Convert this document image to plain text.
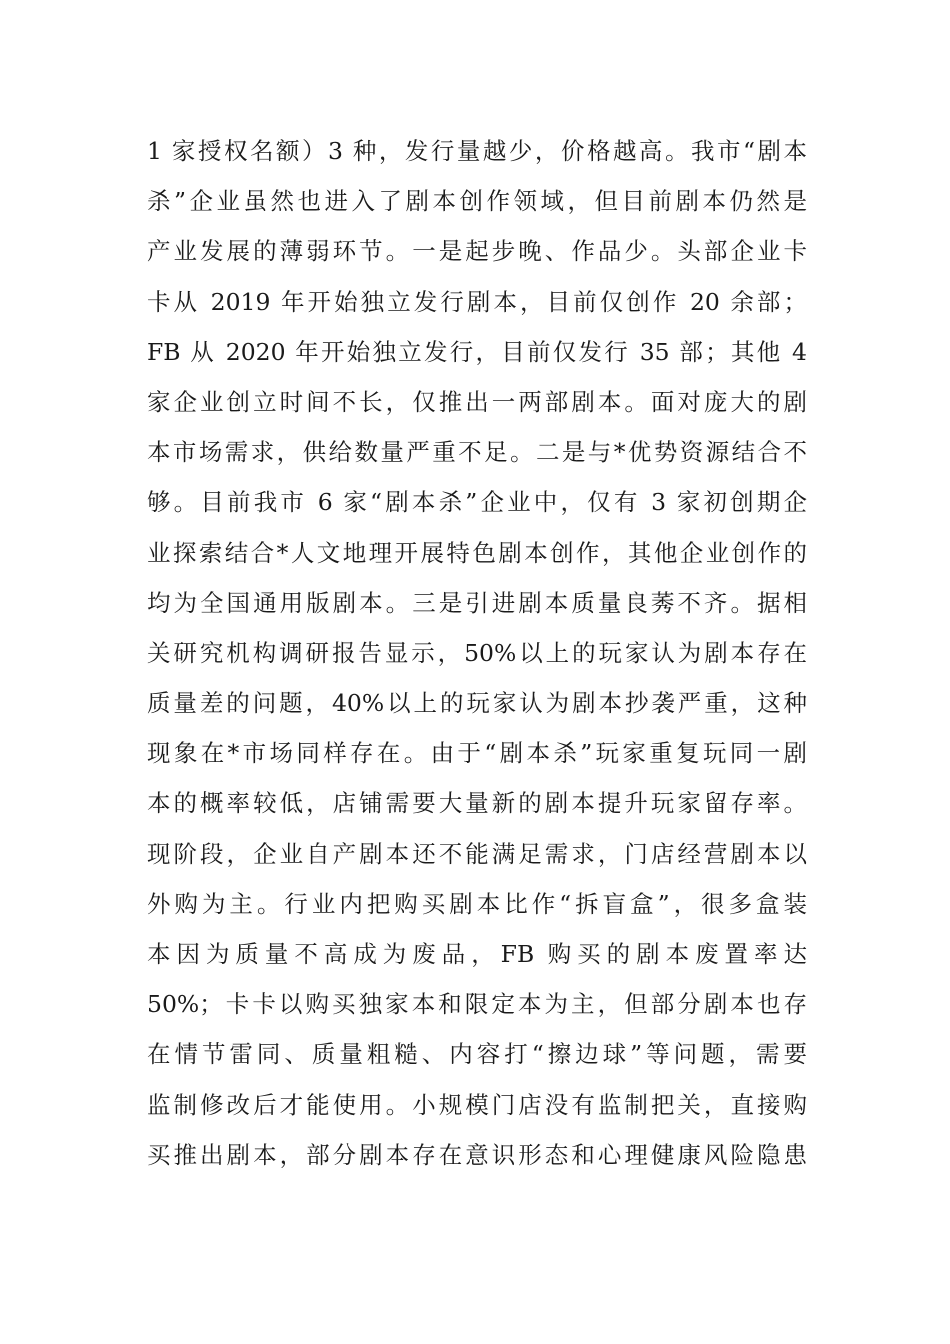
1 家授权名额）3 种，发行量越少，价格越高。我市“剧本
杀”企业虽然也进入了剧本创作领域，但目前剧本仍然是
产业发展的薄弱环节。一是起步晚、作品少。头部企业卡
卡从 2019 年开始独立发行剧本，目前仅创作 20 余部；
FB 从 2020 年开始独立发行，目前仅发行 35 部；其他 4
家企业创立时间不长，仅推出一两部剧本。面对庞大的剧
本市场需求，供给数量严重不足。二是与*优势资源结合不
够。目前我市 6 家“剧本杀”企业中，仅有 3 家初创期企
业探索结合*人文地理开展特色剧本创作，其他企业创作的
均为全国通用版剧本。三是引进剧本质量良莠不齐。据相
关研究机构调研报告显示，50%以上的玩家认为剧本存在
质量差的问题，40%以上的玩家认为剧本抄袭严重，这种
现象在*市场同样存在。由于“剧本杀”玩家重复玩同一剧
本的概率较低，店铺需要大量新的剧本提升玩家留存率。
现阶段，企业自产剧本还不能满足需求，门店经营剧本以
外购为主。行业内把购买剧本比作“拆盲盒”，很多盒装
本因为质量不高成为废品，FB 购买的剧本废置率达
50%；卡卡以购买独家本和限定本为主，但部分剧本也存
在情节雷同、质量粗糙、内容打“擦边球”等问题，需要
监制修改后才能使用。小规模门店没有监制把关，直接购
买推出剧本，部分剧本存在意识形态和心理健康风险隐患
